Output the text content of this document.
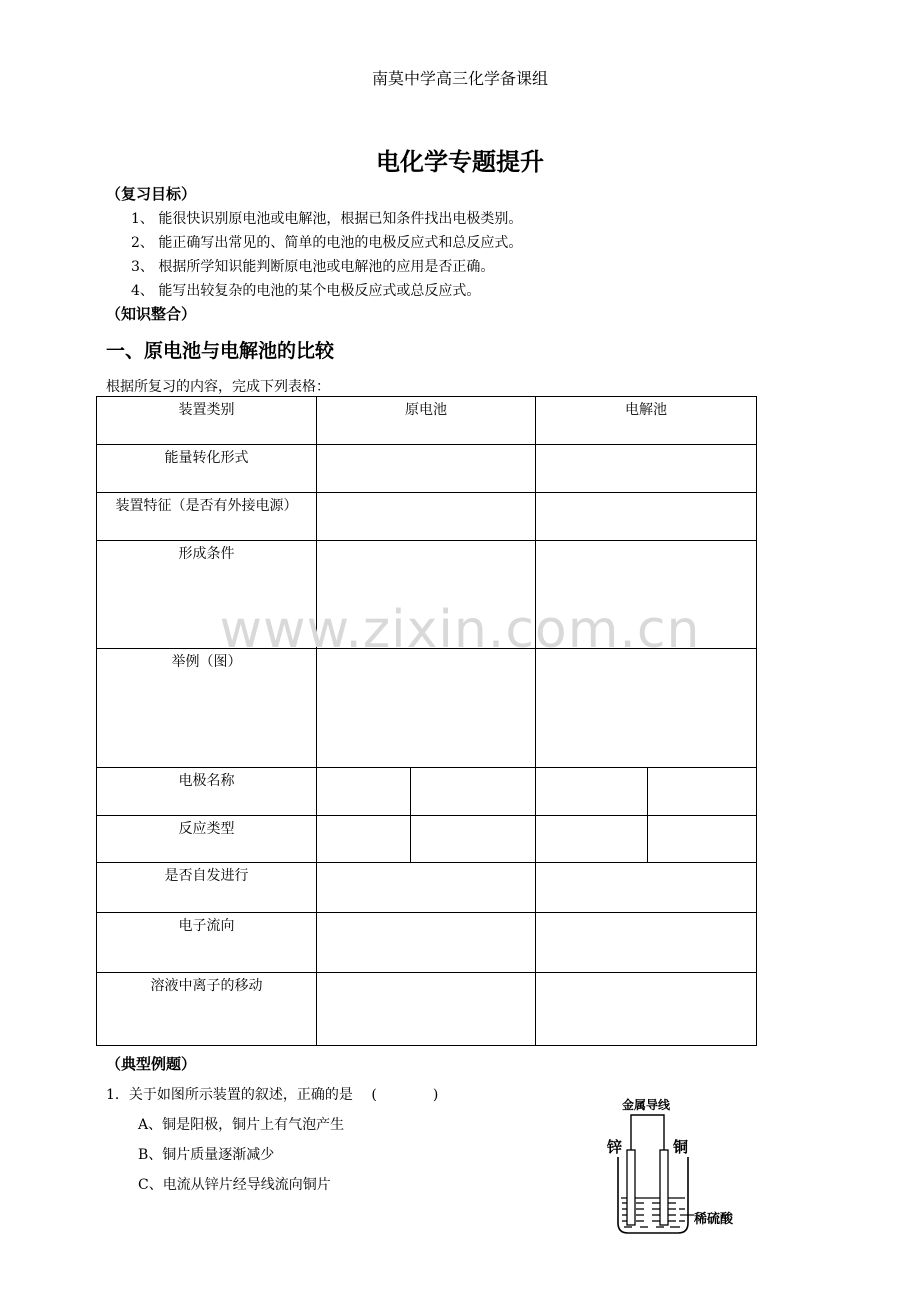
南莫中学高三化学备课组
电化学专题提升
（复习目标）
1、 能很快识别原电池或电解池，根据已知条件找出电极类别。
2、 能正确写出常见的、简单的电池的电极反应式和总反应式。
3、 根据所学知识能判断原电池或电解池的应用是否正确。
4、 能写出较复杂的电池的某个电极反应式或总反应式。
（知识整合）
一、原电池与电解池的比较
根据所复习的内容，完成下列表格：
装置类别	原电池		电解池	
能量转化形式				
装置特征（是否有外接电源）				
形成条件				
举例（图）				
电极名称				
反应类型				
是否自发进行				
电子流向				
溶液中离子的移动				
www.zixin.com.cn
（典型例题）
1．关于如图所示装置的叙述，正确的是 (　　　　)
A、铜是阳极，铜片上有气泡产生
B、铜片质量逐渐减少
C、电流从锌片经导线流向铜片
金属导线
锌	铜
稀硫酸
